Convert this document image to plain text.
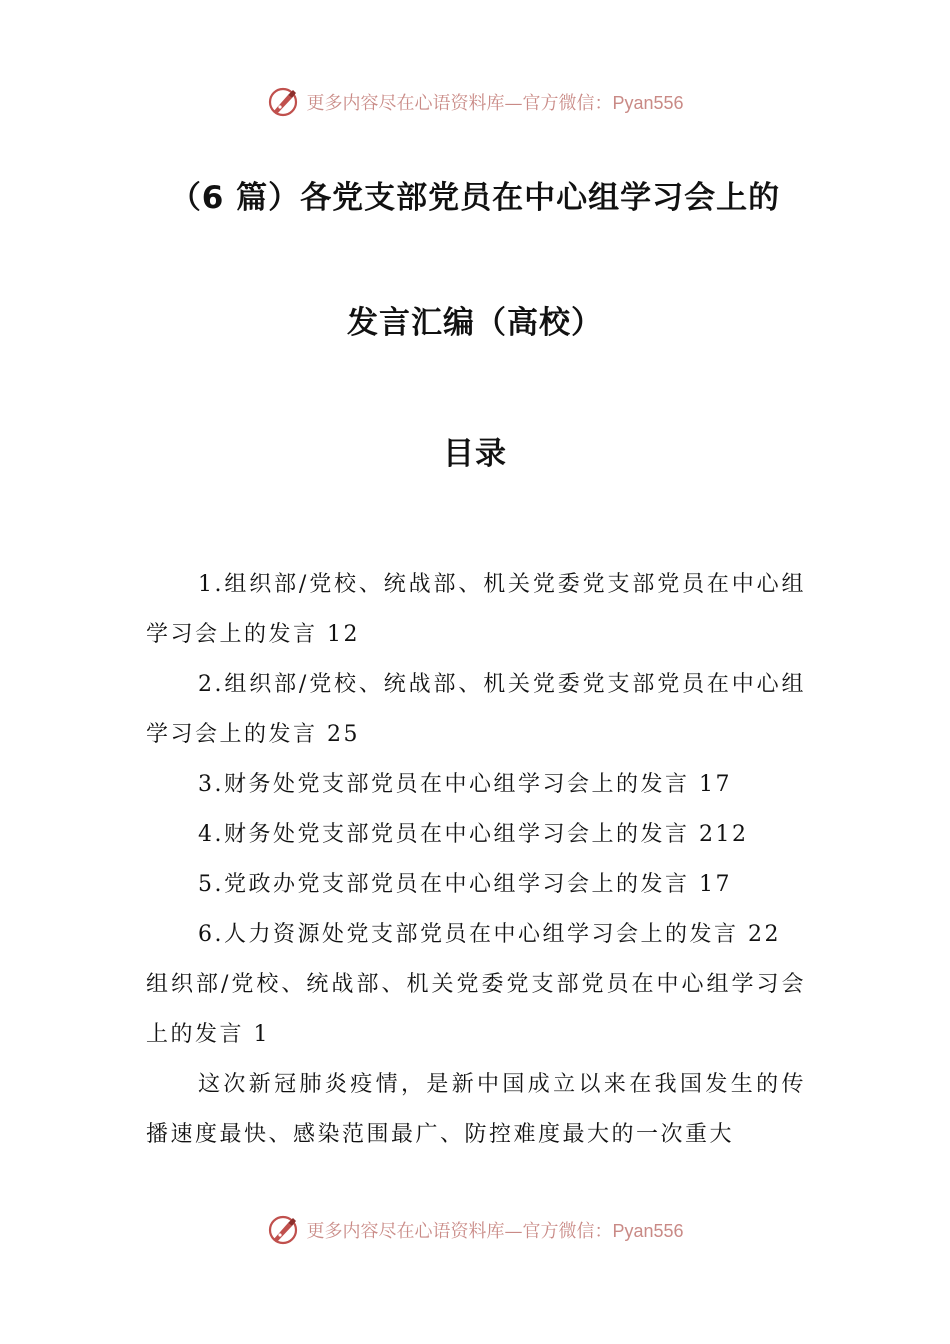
更多内容尽在心语资料库—官方微信：Pyan556
（6 篇）各党支部党员在中心组学习会上的
发言汇编（高校）
目录

1.组织部/党校、统战部、机关党委党支部党员在中心组学习会上的发言 12

2.组织部/党校、统战部、机关党委党支部党员在中心组学习会上的发言 25

3.财务处党支部党员在中心组学习会上的发言 17

4.财务处党支部党员在中心组学习会上的发言 212

5.党政办党支部党员在中心组学习会上的发言 17

6.人力资源处党支部党员在中心组学习会上的发言 22

组织部/党校、统战部、机关党委党支部党员在中心组学习会上的发言 1

这次新冠肺炎疫情，是新中国成立以来在我国发生的传播速度最快、感染范围最广、防控难度最大的一次重大

更多内容尽在心语资料库—官方微信：Pyan556
